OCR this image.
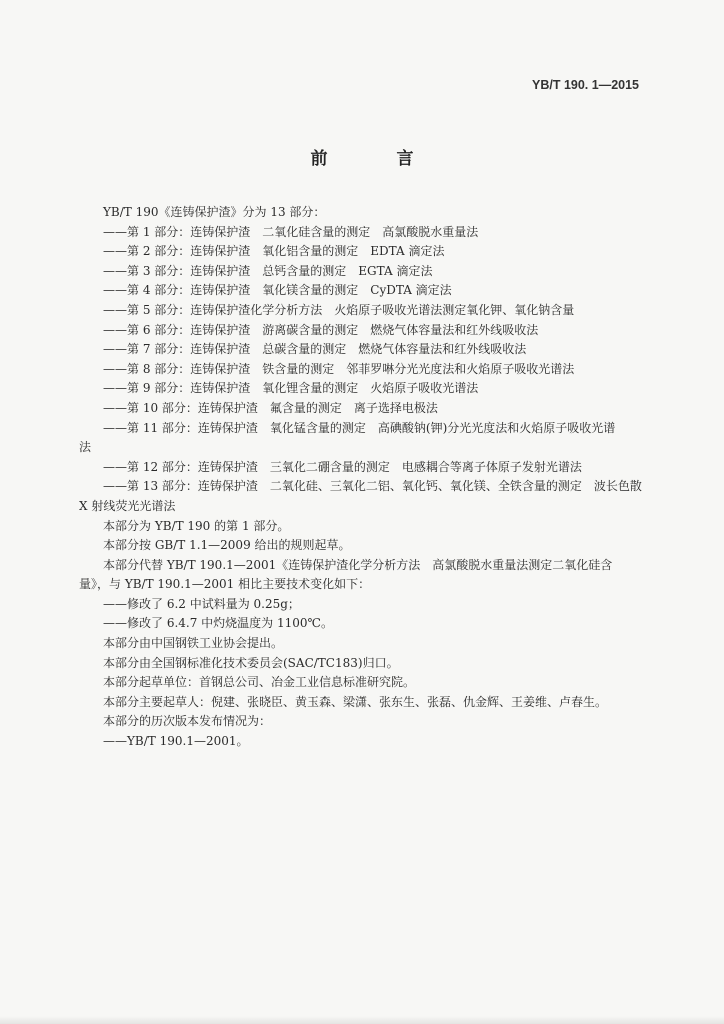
YB/T 190. 1—2015
前　言
YB/T 190《连铸保护渣》分为 13 部分：
——第 1 部分：连铸保护渣　二氧化硅含量的测定 高氯酸脱水重量法
——第 2 部分：连铸保护渣　氧化铝含量的测定 EDTA 滴定法
——第 3 部分：连铸保护渣　总钙含量的测定 EGTA 滴定法
——第 4 部分：连铸保护渣　氧化镁含量的测定 CyDTA 滴定法
——第 5 部分：连铸保护渣化学分析方法 火焰原子吸收光谱法测定氧化钾、氧化钠含量
——第 6 部分：连铸保护渣　游离碳含量的测定 燃烧气体容量法和红外线吸收法
——第 7 部分：连铸保护渣　总碳含量的测定 燃烧气体容量法和红外线吸收法
——第 8 部分：连铸保护渣　铁含量的测定 邻菲罗啉分光光度法和火焰原子吸收光谱法
——第 9 部分：连铸保护渣　氧化锂含量的测定 火焰原子吸收光谱法
——第 10 部分：连铸保护渣　氟含量的测定 离子选择电极法
——第 11 部分：连铸保护渣　氧化锰含量的测定　高碘酸钠(钾)分光光度法和火焰原子吸收光谱
法
——第 12 部分：连铸保护渣　三氧化二硼含量的测定 电感耦合等离子体原子发射光谱法
——第 13 部分：连铸保护渣　二氧化硅、三氧化二铝、氧化钙、氧化镁、全铁含量的测定　波长色散
X 射线荧光光谱法
本部分为 YB/T 190 的第 1 部分。
本部分按 GB/T 1.1—2009 给出的规则起草。
本部分代替 YB/T 190.1—2001《连铸保护渣化学分析方法　高氯酸脱水重量法测定二氧化硅含
量》，与 YB/T 190.1—2001 相比主要技术变化如下：
——修改了 6.2 中试料量为 0.25g；
——修改了 6.4.7 中灼烧温度为 1100℃。
本部分由中国钢铁工业协会提出。
本部分由全国钢标准化技术委员会(SAC/TC183)归口。
本部分起草单位：首钢总公司、冶金工业信息标准研究院。
本部分主要起草人：倪建、张晓臣、黄玉森、梁潇、张东生、张磊、仇金辉、王姜维、卢春生。
本部分的历次版本发布情况为：
——YB/T 190.1—2001。
